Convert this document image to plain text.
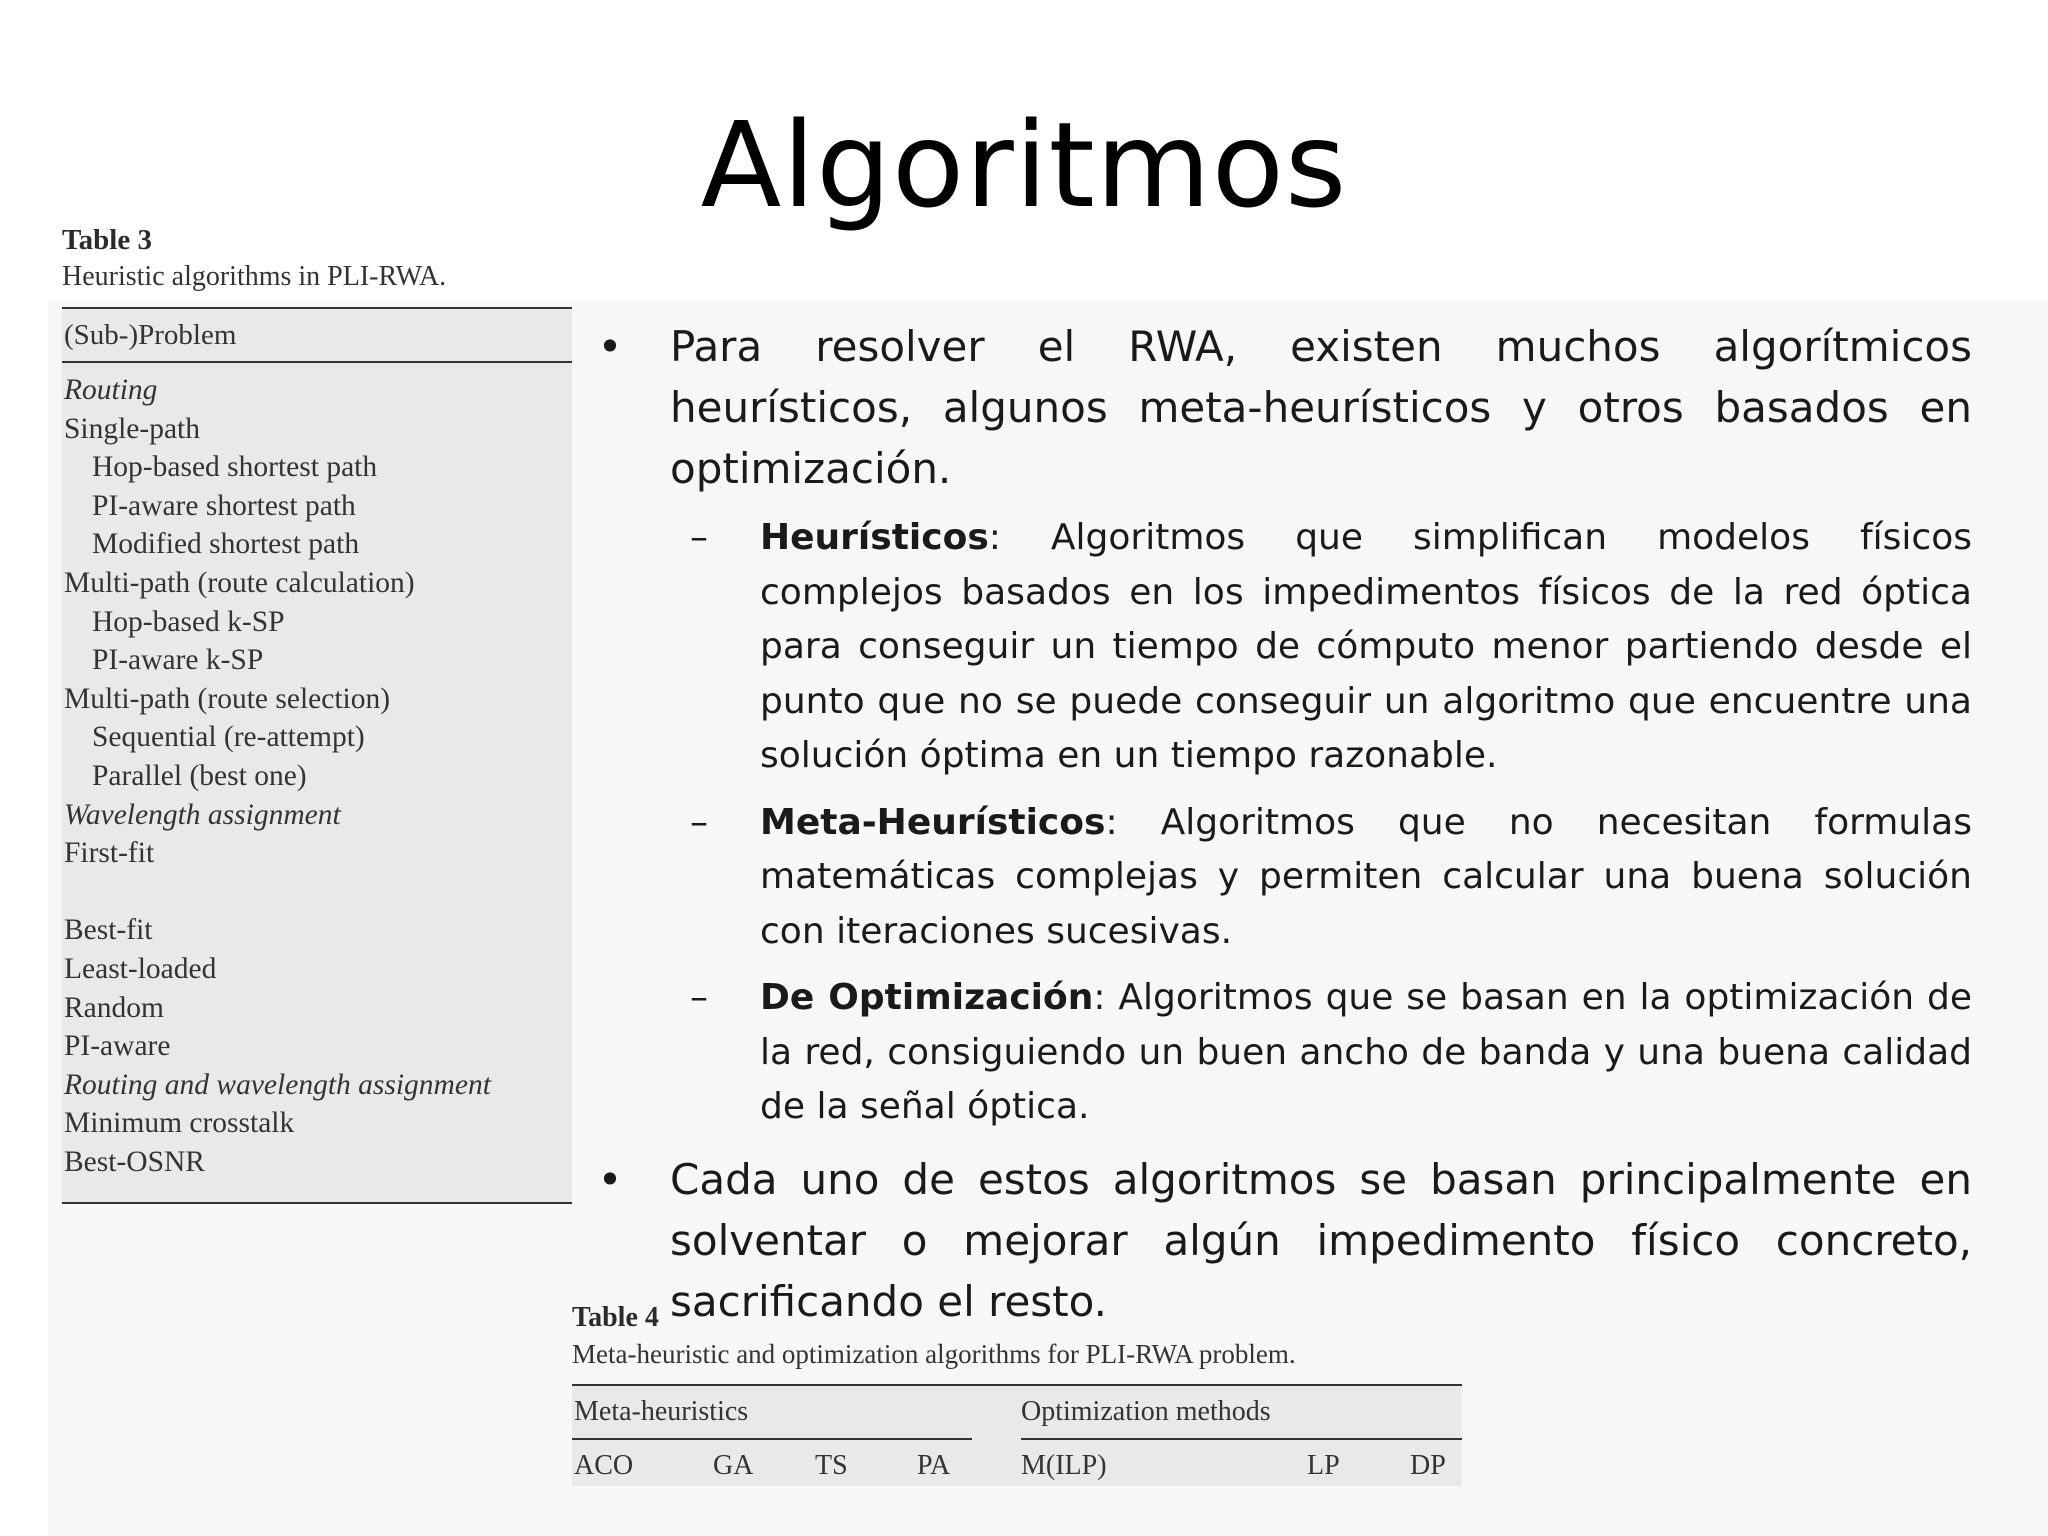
Algoritmos
Table 3
Heuristic algorithms in PLI-RWA.
(Sub-)Problem
Routing
Single-path
Hop-based shortest path
PI-aware shortest path
Modified shortest path
Multi-path (route calculation)
Hop-based k-SP
PI-aware k-SP
Multi-path (route selection)
Sequential (re-attempt)
Parallel (best one)
Wavelength assignment
First-fit
Best-fit
Least-loaded
Random
PI-aware
Routing and wavelength assignment
Minimum crosstalk
Best-OSNR
• Para resolver el RWA, existen muchos algorítmicos heurísticos, algunos meta-heurísticos y otros basados en optimización.
– Heurísticos: Algoritmos que simplifican modelos físicos complejos basados en los impedimentos físicos de la red óptica para conseguir un tiempo de cómputo menor partiendo desde el punto que no se puede conseguir un algoritmo que encuentre una solución óptima en un tiempo razonable.
– Meta-Heurísticos: Algoritmos que no necesitan formulas matemáticas complejas y permiten calcular una buena solución con iteraciones sucesivas.
– De Optimización: Algoritmos que se basan en la optimización de la red, consiguiendo un buen ancho de banda y una buena calidad de la señal óptica.
• Cada uno de estos algoritmos se basan principalmente en solventar o mejorar algún impedimento físico concreto, sacrificando el resto.
Table 4
Meta-heuristic and optimization algorithms for PLI-RWA problem.
Meta-heuristics	Optimization methods
ACO	GA TS PA	M(ILP)	LP	DP
